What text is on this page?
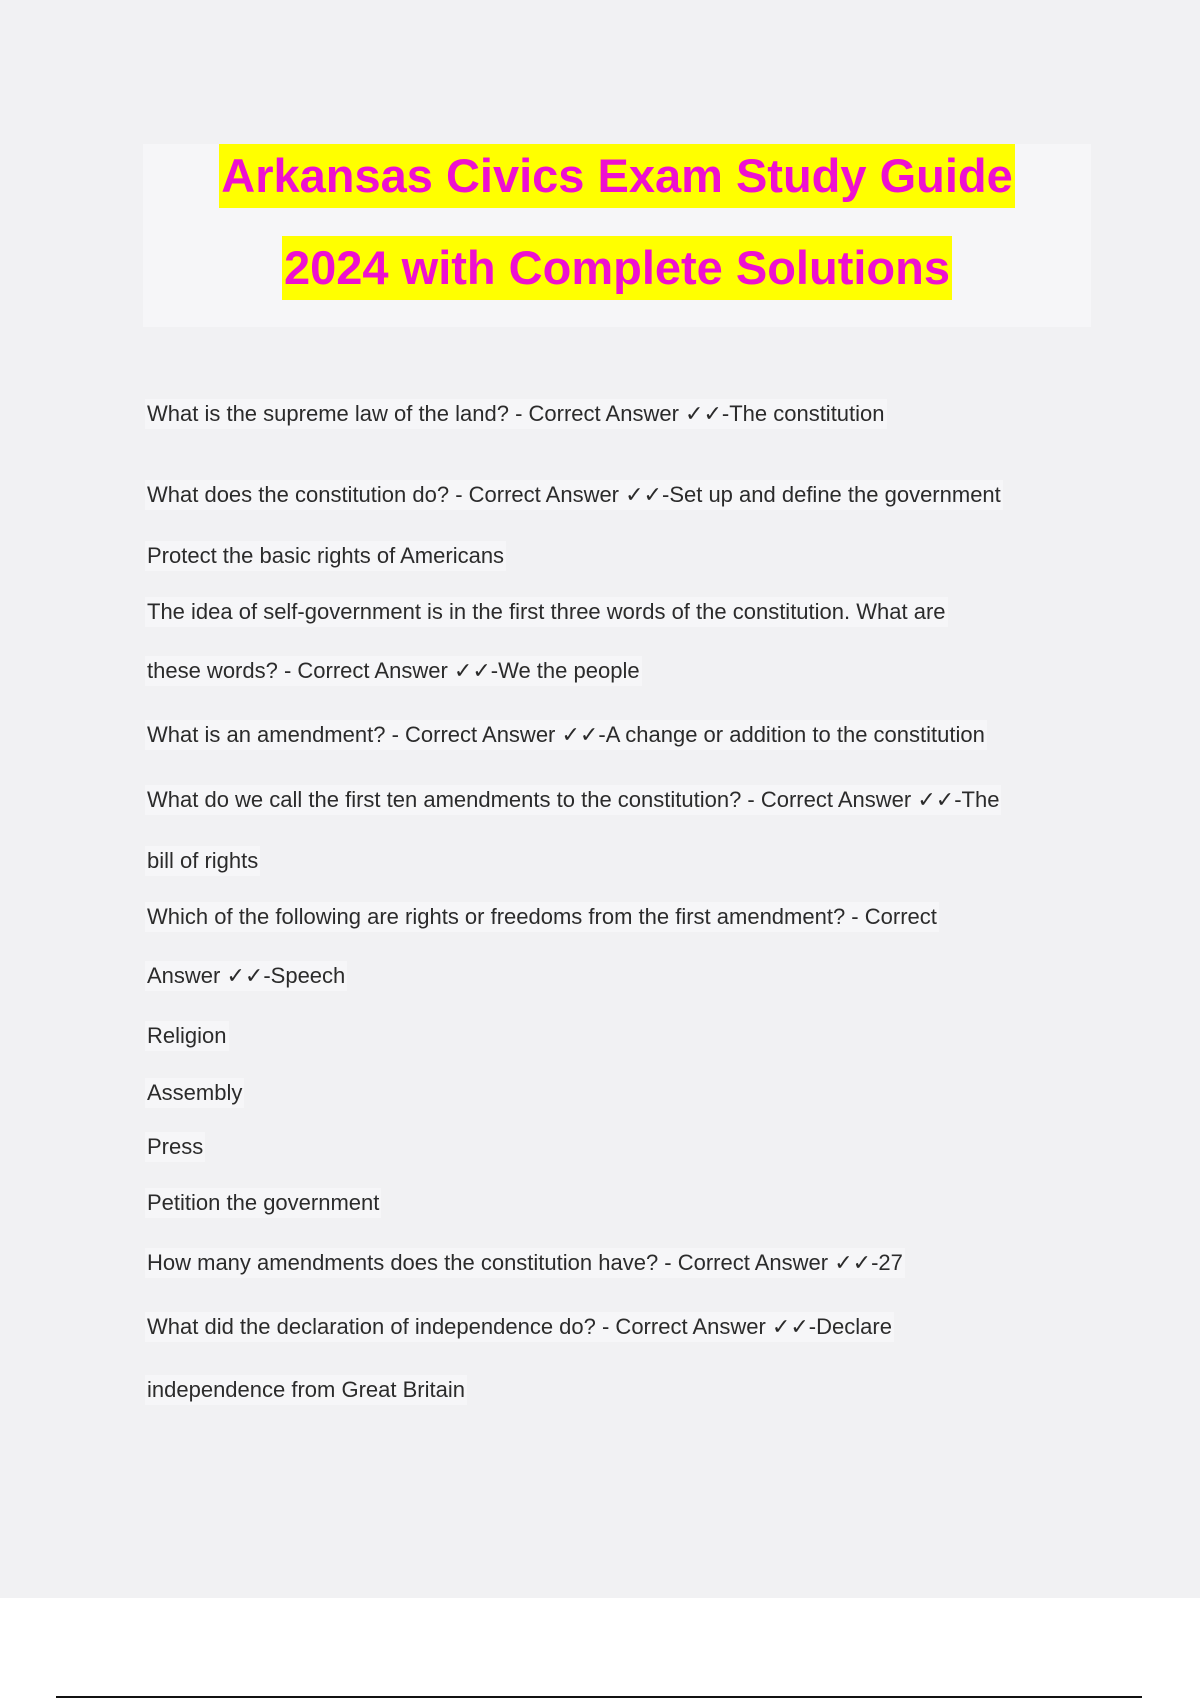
Arkansas Civics Exam Study Guide
2024 with Complete Solutions
What is the supreme law of the land? - Correct Answer ✓✓-The constitution
What does the constitution do? - Correct Answer ✓✓-Set up and define the government
Protect the basic rights of Americans
The idea of self-government is in the first three words of the constitution. What are
these words? - Correct Answer ✓✓-We the people
What is an amendment? - Correct Answer ✓✓-A change or addition to the constitution
What do we call the first ten amendments to the constitution? - Correct Answer ✓✓-The
bill of rights
Which of the following are rights or freedoms from the first amendment? - Correct
Answer ✓✓-Speech
Religion
Assembly
Press
Petition the government
How many amendments does the constitution have? - Correct Answer ✓✓-27
What did the declaration of independence do? - Correct Answer ✓✓-Declare
independence from Great Britain
